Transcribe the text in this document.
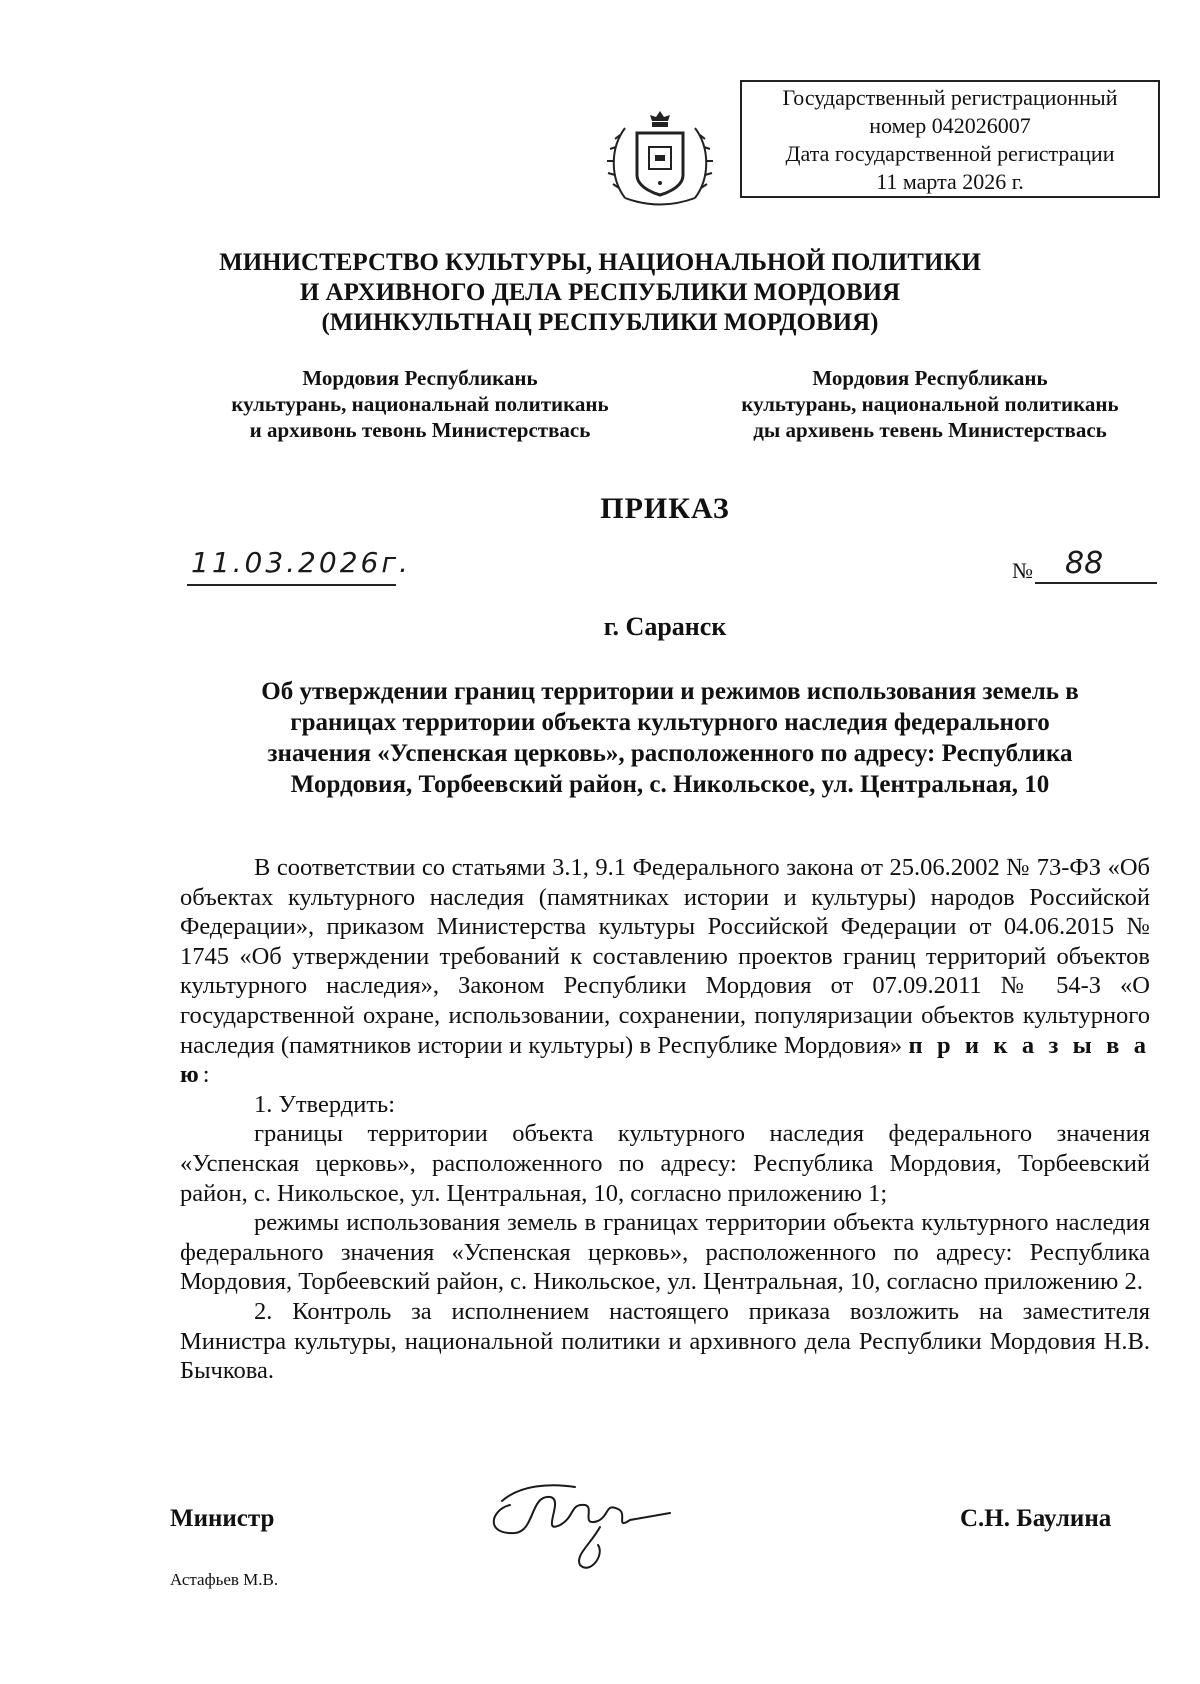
Государственный регистрационный
номер 042026007
Дата государственной регистрации
11 марта 2026 г.
МИНИСТЕРСТВО КУЛЬТУРЫ, НАЦИОНАЛЬНОЙ ПОЛИТИКИ
И АРХИВНОГО ДЕЛА РЕСПУБЛИКИ МОРДОВИЯ
(МИНКУЛЬТНАЦ РЕСПУБЛИКИ МОРДОВИЯ)
Мордовия Республикань
культурань, национальнай политикань
и архивонь тевонь Министерствась
Мордовия Республикань
культурань, национальной политикань
ды архивень тевень Министерствась
ПРИКАЗ
11.03.2026г.	№	88
г. Саранск
Об утверждении границ территории и режимов использования земель в
границах территории объекта культурного наследия федерального
значения «Успенская церковь», расположенного по адресу: Республика
Мордовия, Торбеевский район, с. Никольское, ул. Центральная, 10

В соответствии со статьями 3.1, 9.1 Федерального закона от 25.06.2002 № 73-ФЗ «Об объектах культурного наследия (памятниках истории и культуры) народов Российской Федерации», приказом Министерства культуры Российской Федерации от 04.06.2015 № 1745 «Об утверждении требований к составлению проектов границ территорий объектов культурного наследия», Законом Республики Мордовия от 07.09.2011 № 54-З «О государственной охране, использовании, сохранении, популяризации объектов культурного наследия (памятников истории и культуры) в Республике Мордовия» п р и к а з ы в а ю:

1. Утвердить:

границы территории объекта культурного наследия федерального значения «Успенская церковь», расположенного по адресу: Республика Мордовия, Торбеевский район, с. Никольское, ул. Центральная, 10, согласно приложению 1;

режимы использования земель в границах территории объекта культурного наследия федерального значения «Успенская церковь», расположенного по адресу: Республика Мордовия, Торбеевский район, с. Никольское, ул. Центральная, 10, согласно приложению 2.

2. Контроль за исполнением настоящего приказа возложить на заместителя Министра культуры, национальной политики и архивного дела Республики Мордовия Н.В. Бычкова.

Министр	С.Н. Баулина
Астафьев М.В.
